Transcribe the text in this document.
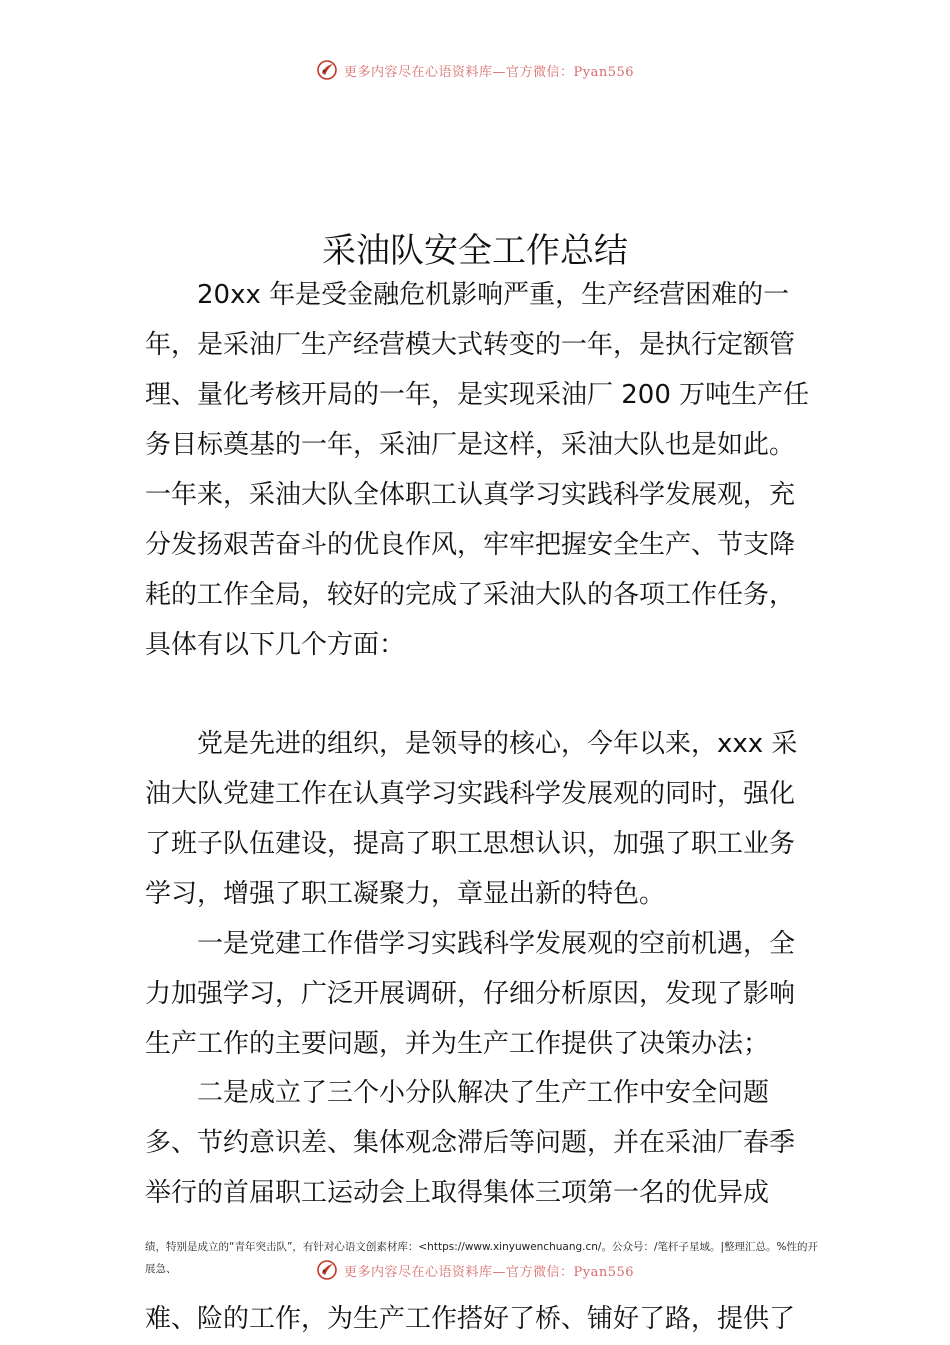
更多内容尽在心语资料库—官方微信：Pyan556
采油队安全工作总结
20xx 年是受金融危机影响严重，生产经营困难的一
年，是采油厂生产经营模大式转变的一年，是执行定额管
理、量化考核开局的一年，是实现采油厂 200 万吨生产任
务目标奠基的一年，采油厂是这样，采油大队也是如此。
一年来，采油大队全体职工认真学习实践科学发展观，充
分发扬艰苦奋斗的优良作风，牢牢把握安全生产、节支降
耗的工作全局，较好的完成了采油大队的各项工作任务，
具体有以下几个方面：
党是先进的组织，是领导的核心，今年以来，xxx 采
油大队党建工作在认真学习实践科学发展观的同时，强化
了班子队伍建设，提高了职工思想认识，加强了职工业务
学习，增强了职工凝聚力，章显出新的特色。
一是党建工作借学习实践科学发展观的空前机遇，全
力加强学习，广泛开展调研，仔细分析原因，发现了影响
生产工作的主要问题，并为生产工作提供了决策办法；
二是成立了三个小分队解决了生产工作中安全问题
多、节约意识差、集体观念滞后等问题，并在采油厂春季
举行的首届职工运动会上取得集体三项第一名的优异成
绩，特别是成立的“青年突击队”，有针对心语文创素材库：<https://www.xinyuwenchuang.cn/。公众号：/笔杆子星域。|整理汇总。%性的开
展急、	更多内容尽在心语资料库—官方微信：Pyan556
难、险的工作，为生产工作搭好了桥、铺好了路，提供了
